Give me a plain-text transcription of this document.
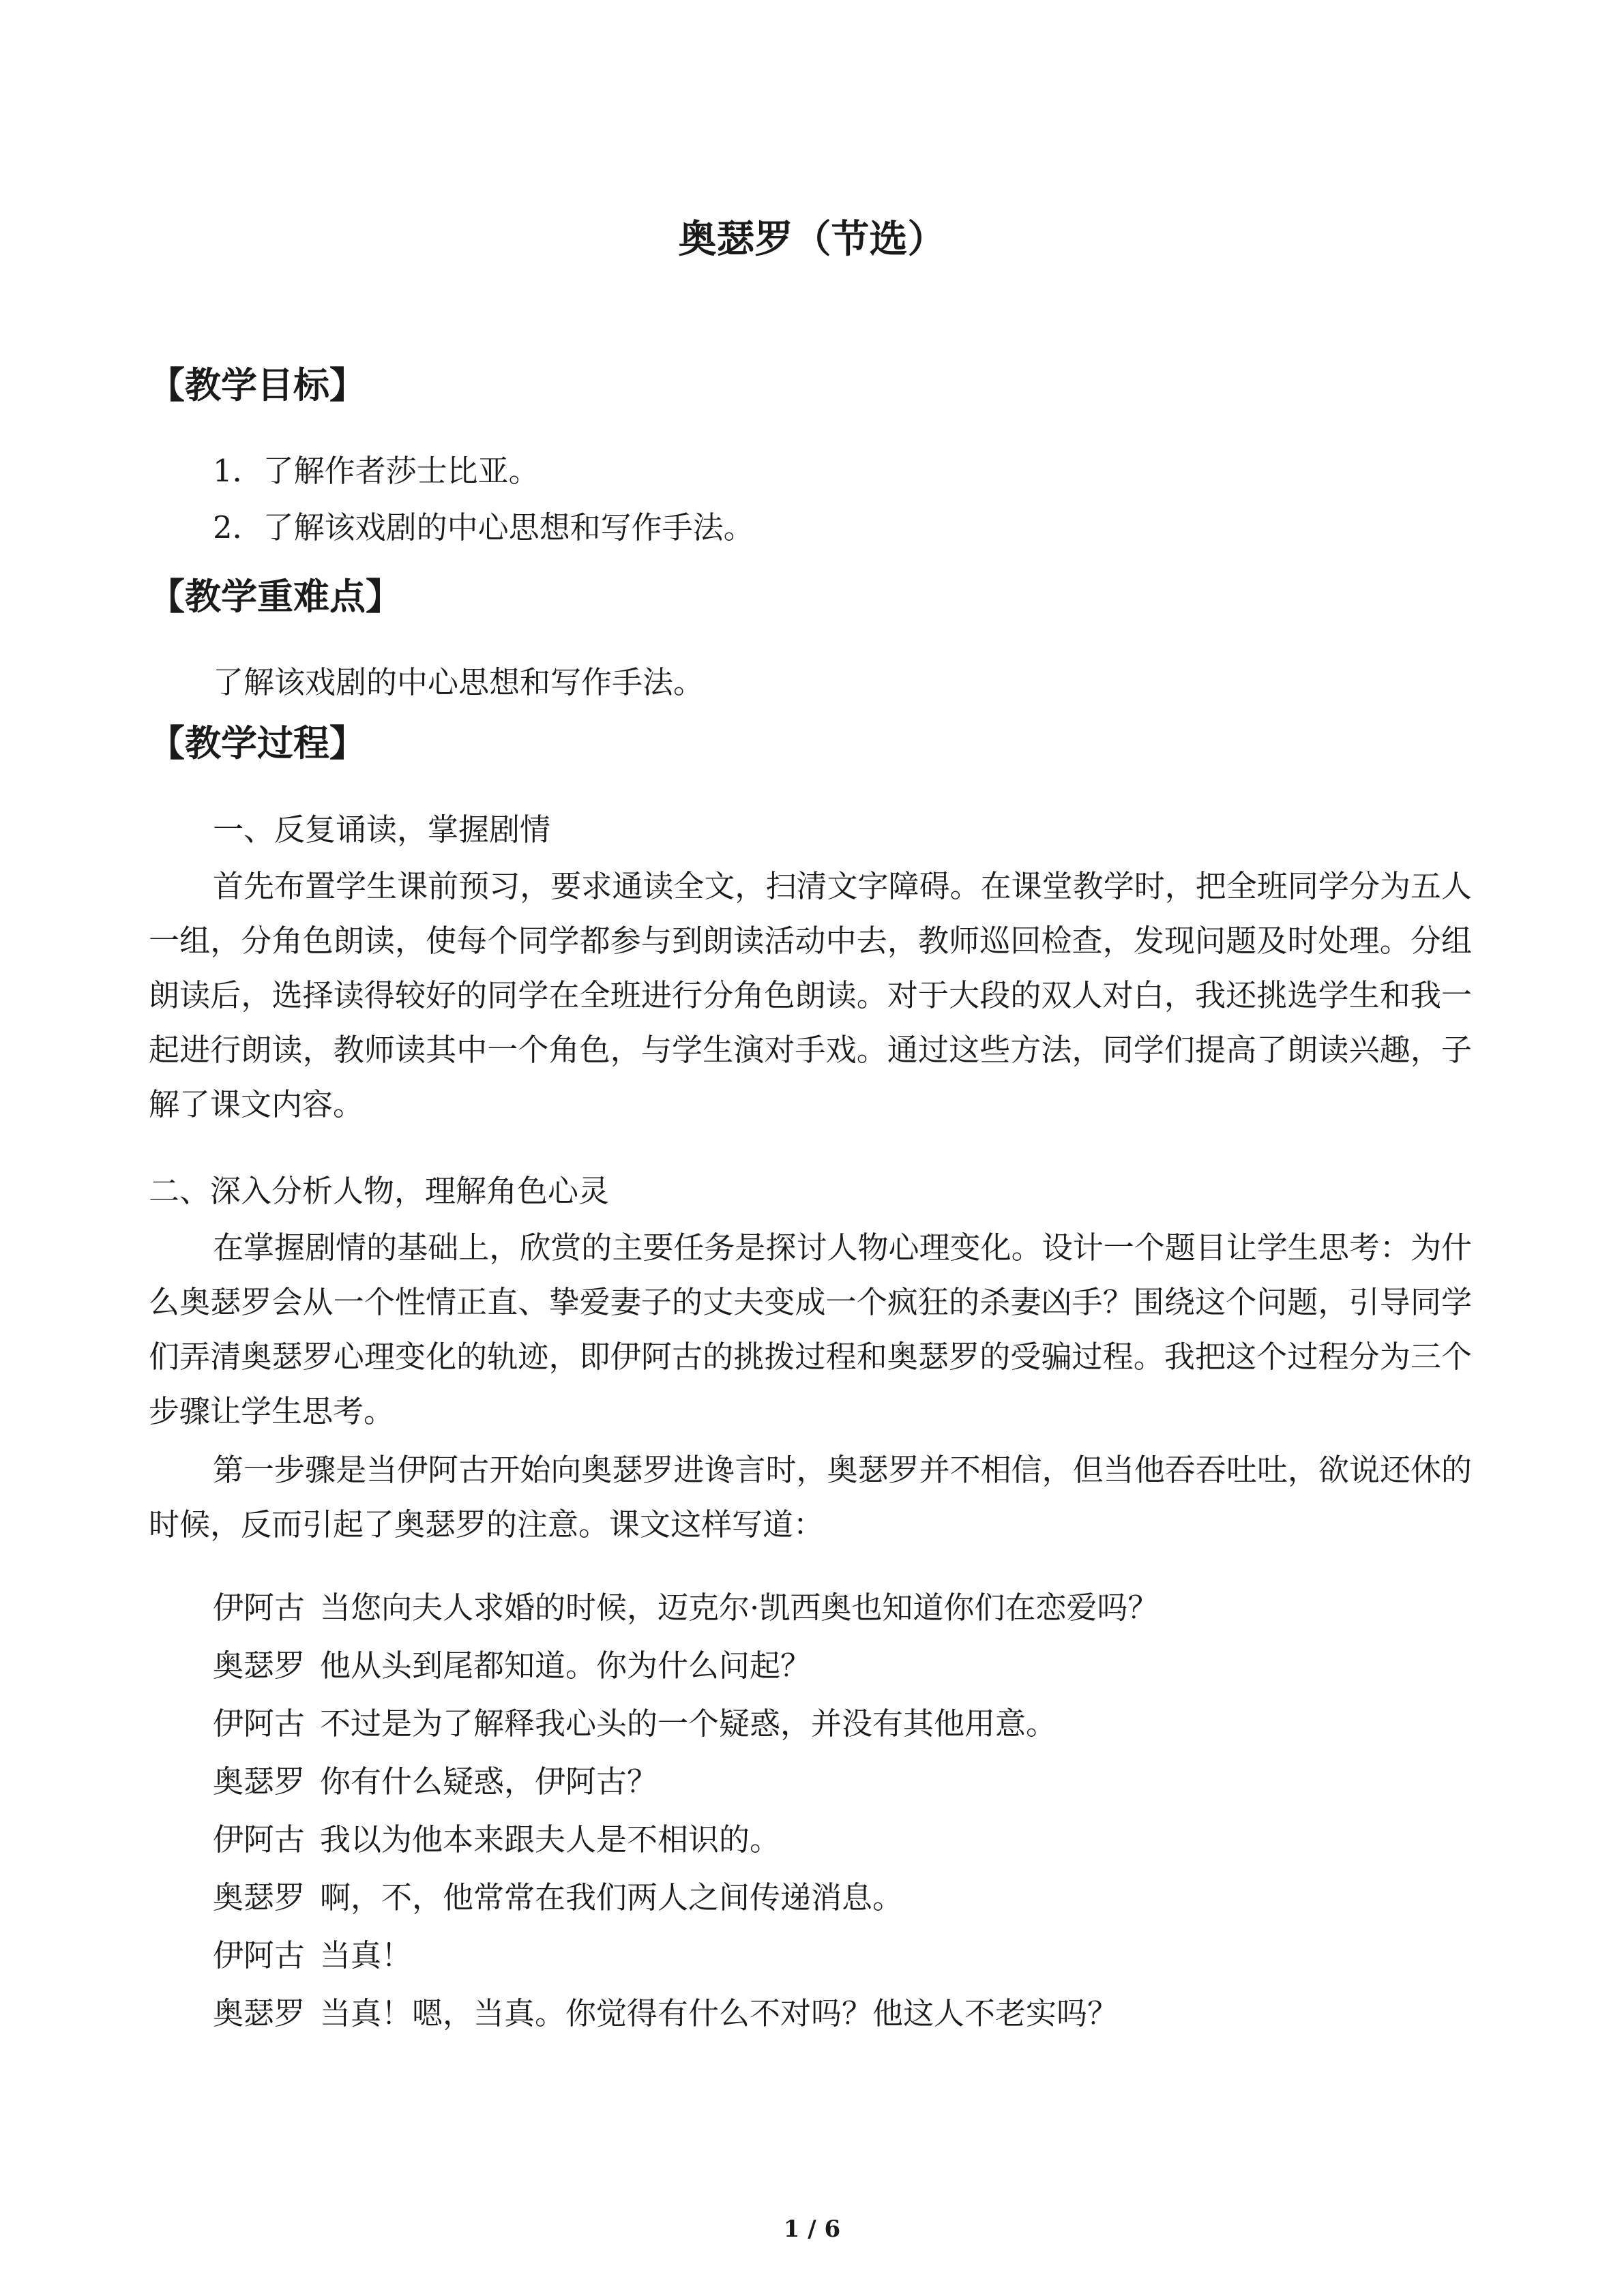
奥瑟罗（节选）
【教学目标】

1．了解作者莎士比亚。

2．了解该戏剧的中心思想和写作手法。

【教学重难点】

了解该戏剧的中心思想和写作手法。

【教学过程】

一、反复诵读，掌握剧情

首先布置学生课前预习，要求通读全文，扫清文字障碍。在课堂教学时，把全班同学分为五人一组，分角色朗读，使每个同学都参与到朗读活动中去，教师巡回检查，发现问题及时处理。分组朗读后，选择读得较好的同学在全班进行分角色朗读。对于大段的双人对白，我还挑选学生和我一起进行朗读，教师读其中一个角色，与学生演对手戏。通过这些方法，同学们提高了朗读兴趣，子解了课文内容。

二、深入分析人物，理解角色心灵

在掌握剧情的基础上，欣赏的主要任务是探讨人物心理变化。设计一个题目让学生思考：为什么奥瑟罗会从一个性情正直、挚爱妻子的丈夫变成一个疯狂的杀妻凶手？围绕这个问题，引导同学们弄清奥瑟罗心理变化的轨迹，即伊阿古的挑拨过程和奥瑟罗的受骗过程。我把这个过程分为三个步骤让学生思考。

第一步骤是当伊阿古开始向奥瑟罗进谗言时，奥瑟罗并不相信，但当他吞吞吐吐，欲说还休的时候，反而引起了奥瑟罗的注意。课文这样写道：

伊阿古 当您向夫人求婚的时候，迈克尔·凯西奥也知道你们在恋爱吗？

奥瑟罗 他从头到尾都知道。你为什么问起？

伊阿古 不过是为了解释我心头的一个疑惑，并没有其他用意。

奥瑟罗 你有什么疑惑，伊阿古？

伊阿古 我以为他本来跟夫人是不相识的。

奥瑟罗 啊，不，他常常在我们两人之间传递消息。

伊阿古 当真！

奥瑟罗 当真！嗯，当真。你觉得有什么不对吗？他这人不老实吗？

1 / 6
